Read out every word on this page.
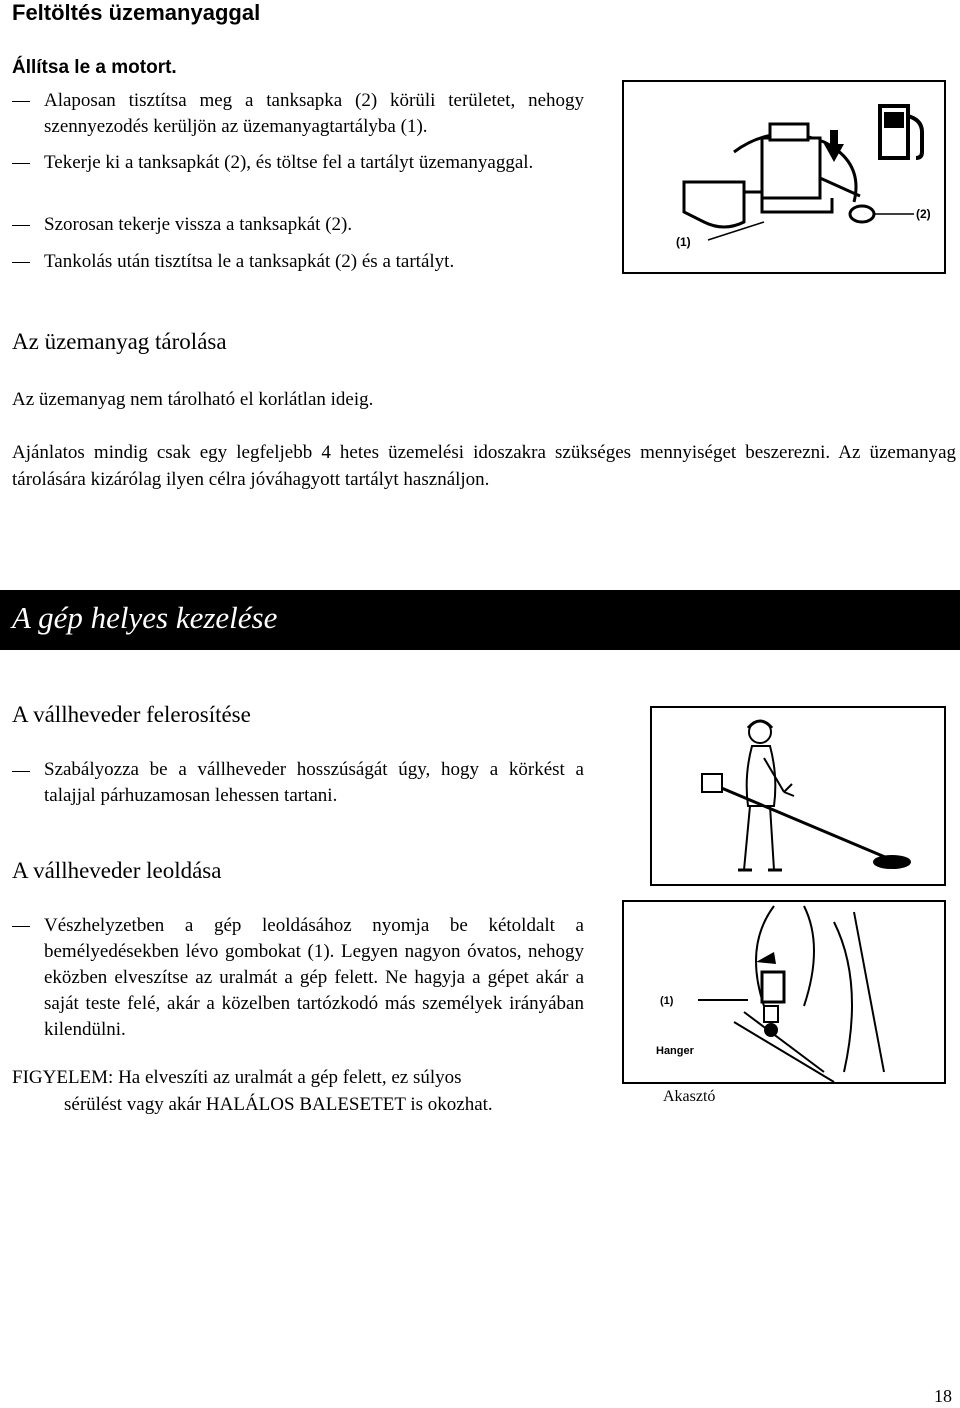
Feltöltés üzemanyaggal
Állítsa le a motort.
Alaposan tisztítsa meg a tanksapka (2) körüli területet, nehogy szennyezodés kerüljön az üzemanyagtartályba (1).
Tekerje ki a tanksapkát (2), és töltse fel a tartályt üzemanyaggal.
Szorosan tekerje vissza a tanksapkát (2).
Tankolás után tisztítsa le a tanksapkát (2) és a tartályt.
(1)
(2)
Az üzemanyag tárolása
Az üzemanyag nem tárolható el korlátlan ideig.
Ajánlatos mindig csak egy legfeljebb 4 hetes üzemelési idoszakra szükséges mennyiséget beszerezni. Az üzemanyag tárolására kizárólag ilyen célra jóváhagyott tartályt használjon.
A gép helyes kezelése
A vállheveder felerosítése
Szabályozza be a vállheveder hosszúságát úgy, hogy a körkést a talajjal párhuzamosan lehessen tartani.
A vállheveder leoldása
Vészhelyzetben a gép leoldásához nyomja be kétoldalt a bemélyedésekben lévo gombokat (1). Legyen nagyon óvatos, nehogy eközben elveszítse az uralmát a gép felett. Ne hagyja a gépet akár a saját teste felé, akár a közelben tartózkodó más személyek irányában kilendülni.
FIGYELEM: Ha elveszíti az uralmát a gép felett, ez súlyos
sérülést vagy akár HALÁLOS BALESETET is okozhat.
(1)
Hanger
Akasztó
18
